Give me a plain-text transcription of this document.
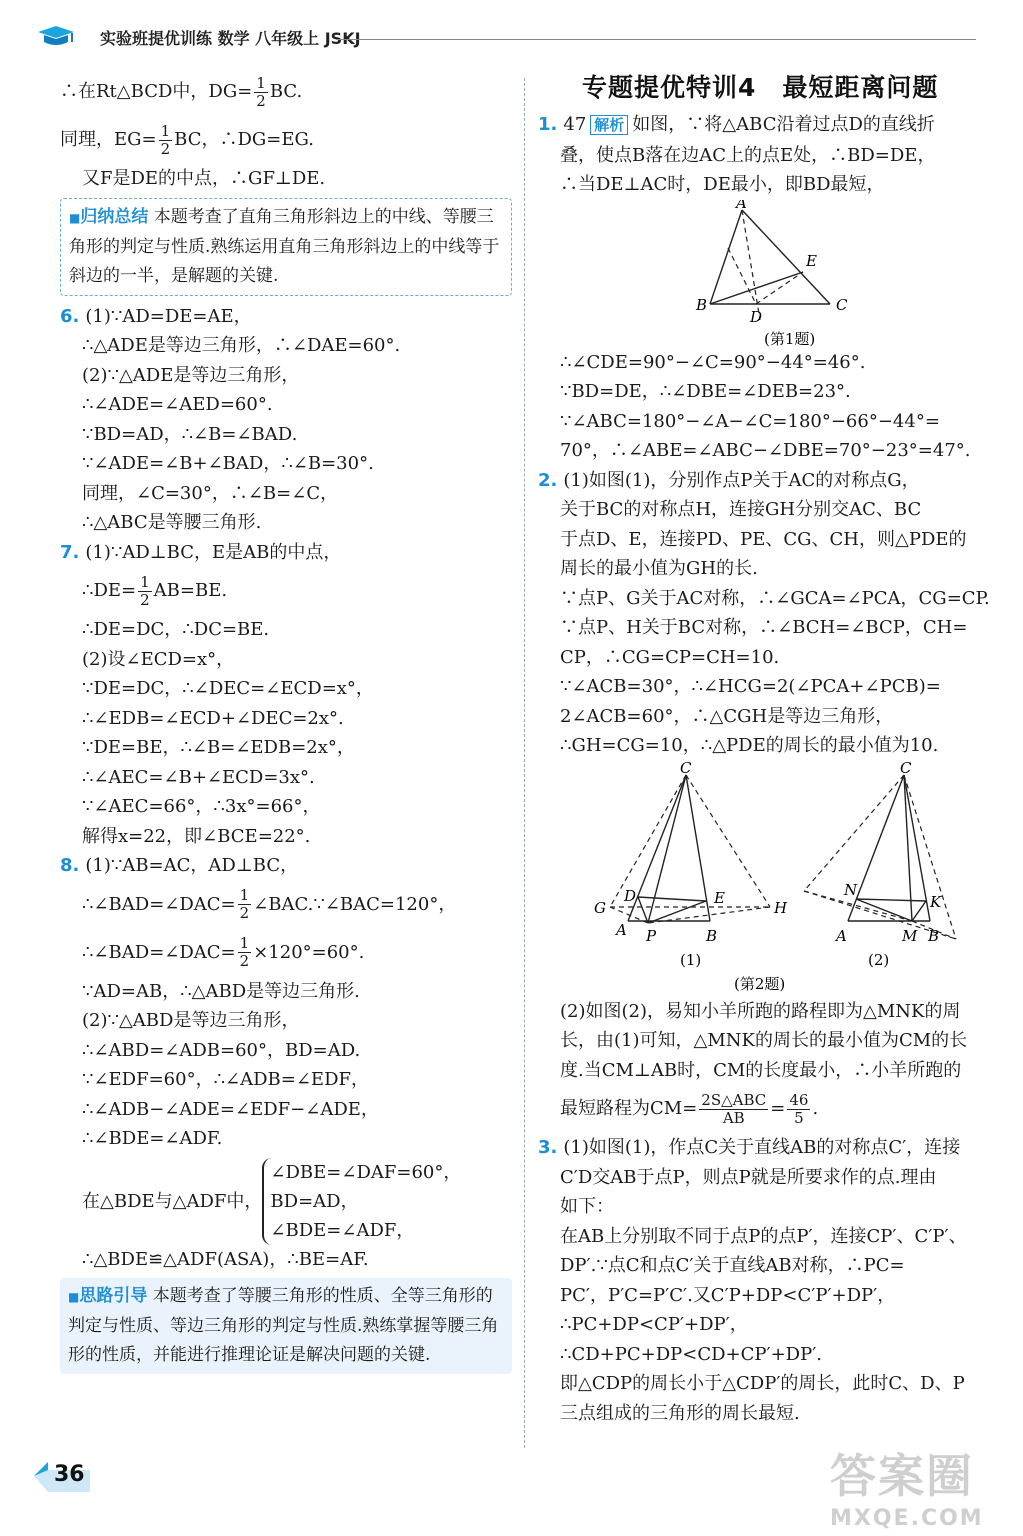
实验班提优训练 数学 八年级上 JSKJ
∴在Rt△BCD中，$DG= \frac{1}{2}$ BC.
同理，$EG= \frac{1}{2}$ BC，∴DG=EG.
又F是DE的中点，∴GF⊥DE.
■ 归纳总结 本题考查了直角三角形斜边上的中线、等腰三角形的判定与性质.熟练运用直角三角形斜边上的中线等于斜边的一半，是解题的关键.
6. (1)∵AD=DE=AE，
∴△ADE是等边三角形，∴∠DAE=60°.
(2)∵△ADE是等边三角形，
∴∠ADE=∠AED=60°.
∵BD=AD，∴∠B=∠BAD.
∵∠ADE=∠B+∠BAD，∴∠B=30°.
同理，∠C=30°，∴∠B=∠C，
∴△ABC是等腰三角形.
7. (1)∵AD⊥BC，E是AB的中点，
∴DE= $\frac{1}{2} AB=BE$.
∴DE=DC，∴DC=BE.
(2)设∠ECD=x°，
∵DE=DC，∴∠DEC=∠ECD=x°，
∴∠EDB=∠ECD+∠DEC=2x°.
∵DE=BE，∴∠B=∠EDB=2x°，
∴∠AEC=∠B+∠ECD=3x°.
∵∠AEC=66°，∴3x°=66°，
解得x=22，即∠BCE=22°.
8. (1)∵AB=AC，AD⊥BC，
∴∠BAD=∠DAC= $\frac{1}{2}$ ∠BAC.∵∠BAC=120°，
∴∠BAD=∠DAC= $\frac{1}{2} \times 120^\circ=60^\circ$.
∵AD=AB，∴△ABD是等边三角形.
(2)∵△ABD是等边三角形，
∴∠ABD=∠ADB=60°，BD=AD.
∵∠EDF=60°，∴∠ADB=∠EDF，
∴∠ADB−∠ADE=∠EDF−∠ADE，
∴∠BDE=∠ADF.
在△BDE与△ADF中，
∠DBE=∠DAF=60°，
BD=AD，
∠BDE=∠ADF，
∴△BDE≌△ADF(ASA)，∴BE=AF.
■ 思路引导 本题考查了等腰三角形的性质、全等三角形的判定与性质、等边三角形的判定与性质.熟练掌握等腰三角形的性质，并能进行推理论证是解决问题的关键.
专题提优特训4　最短距离问题
1. 47 解析 如图，∵将△ABC沿着过点D的直线折
叠，使点B落在边AC上的点E处，∴BD=DE，
∴当DE⊥AC时，DE最小，即BD最短，
A
B	C
D
E
(第1题)
∴∠CDE=90°−∠C=90°−44°=46°.
∵BD=DE，∴∠DBE=∠DEB=23°.
∵∠ABC=180°−∠A−∠C=180°−66°−44°=
70°，∴∠ABE=∠ABC−∠DBE=70°−23°=47°.
2. (1)如图(1)，分别作点P关于AC的对称点G，
关于BC的对称点H，连接GH分别交AC、BC
于点D、E，连接PD、PE、CG、CH，则△PDE的
周长的最小值为GH的长.
∵点P、G关于AC对称，∴∠GCA=∠PCA，CG=CP.
∵点P、H关于BC对称，∴∠BCH=∠BCP，CH=
CP，∴CG=CP=CH=10.
∵∠ACB=30°，∴∠HCG=2(∠PCA+∠PCB)=
2∠ACB=60°，∴△CGH是等边三角形，
∴GH=CG=10，∴△PDE的周长的最小值为10.
C
G
D	E
H
A P	B
(1)
C
N
K
A	M B
(2)
(第2题)
(2)如图(2)，易知小羊所跑的路程即为△MNK的周
长，由(1)可知，△MNK的周长的最小值为CM的长
度.当CM⊥AB时，CM的长度最小，∴小羊所跑的
最短路程为$CM= \frac{\text{2S△ABC}}{AB} = \frac{46}{5}$ .
3. (1)如图(1)，作点C关于直线AB的对称点C′，连接
C′D交AB于点P，则点P就是所要求作的点.理由
如下：
在AB上分别取不同于点P的点P′，连接CP′、C′P′、
DP′.∵点C和点C′关于直线AB对称，∴PC=
PC′，P′C=P′C′.又C′P+DP<C′P′+DP′，
∴PC+DP<CP′+DP′，
∴CD+PC+DP<CD+CP′+DP′.
即△CDP的周长小于△CDP′的周长，此时C、D、P
三点组成的三角形的周长最短.
36	答案圈
MXQE.COM
